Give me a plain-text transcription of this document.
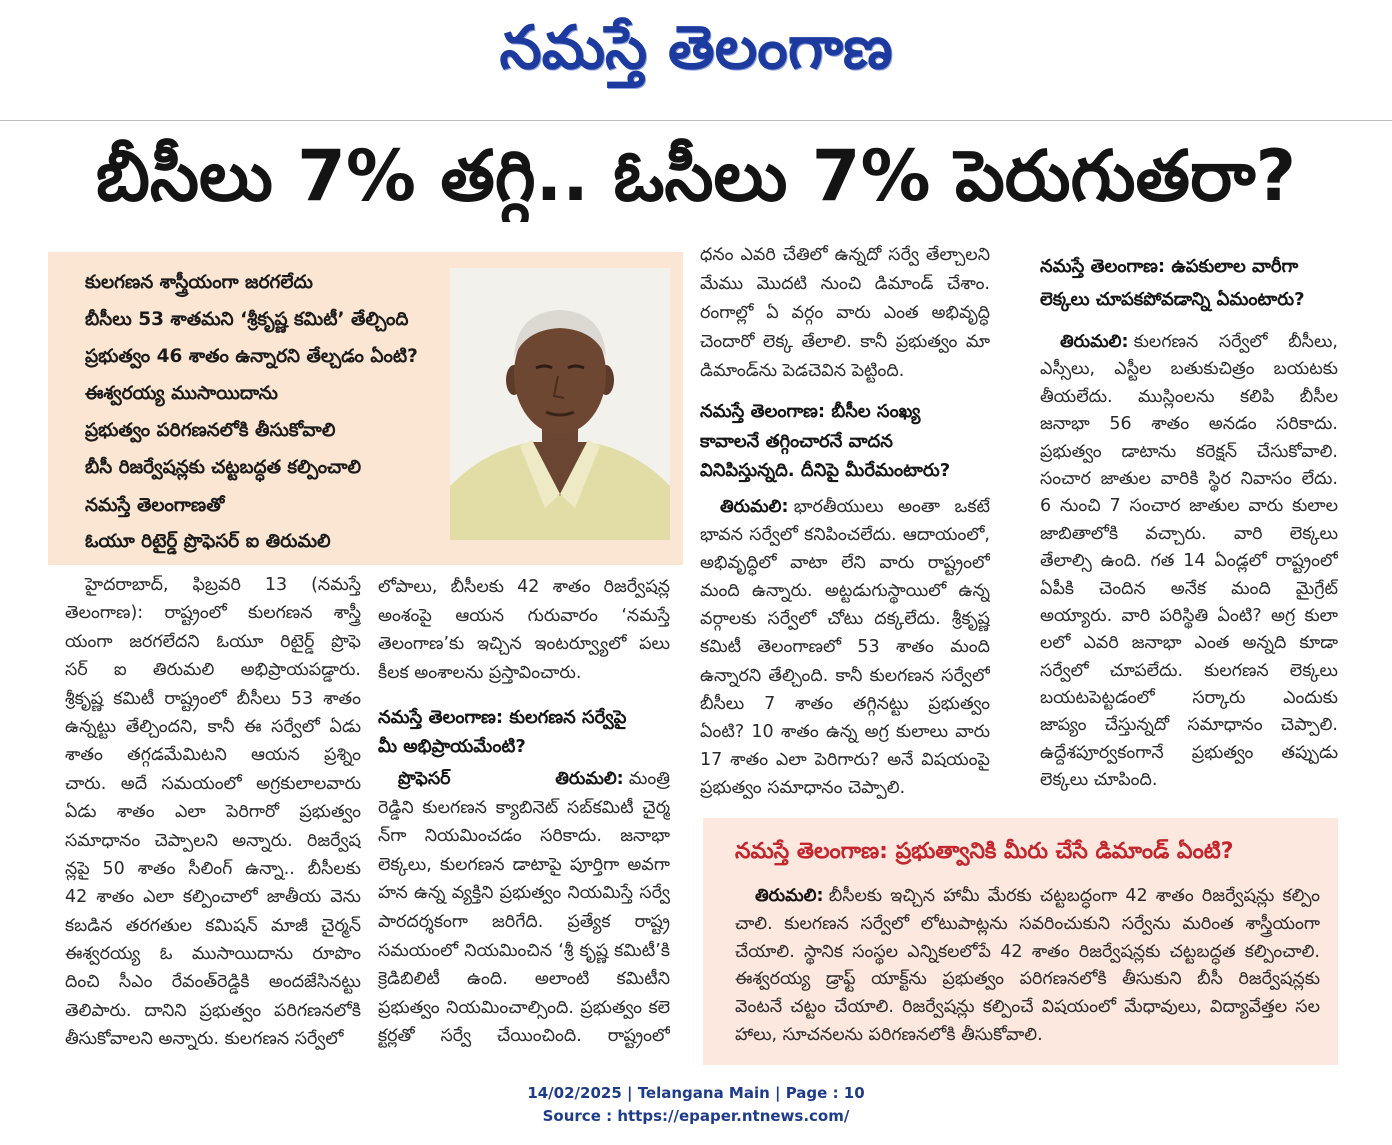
నమస్తే తెలంగాణ
బీసీలు 7% తగ్గి.. ఓసీలు 7% పెరుగుతరా?
కులగణన శాస్త్రీయంగా జరగలేదు
బీసీలు 53 శాతమని ‘శ్రీకృష్ణ కమిటీ’ తేల్చింది
ప్రభుత్వం 46 శాతం ఉన్నారని తేల్చడం ఏంటి?
ఈశ్వరయ్య ముసాయిదాను
ప్రభుత్వం పరిగణనలోకి తీసుకోవాలి
బీసీ రిజర్వేషన్లకు చట్టబద్ధత కల్పించాలి
నమస్తే తెలంగాణతో
ఓయూ రిటైర్డ్ ప్రొఫెసర్ ఐ తిరుమలి
హైదరాబాద్, ఫిబ్రవరి 13 (నమస్తే
తెలంగాణ): రాష్ట్రంలో కులగణన శాస్త్రీ
యంగా జరగలేదని ఓయూ రిటైర్డ్ ప్రొఫె
సర్ ఐ తిరుమలి అభిప్రాయపడ్డారు.
శ్రీకృష్ణ కమిటీ రాష్ట్రంలో బీసీలు 53 శాతం
ఉన్నట్టు తేల్చిందని, కానీ ఈ సర్వేలో ఏడు
శాతం తగ్గడమేమిటని ఆయన ప్రశ్నిం
చారు. అదే సమయంలో అగ్రకులాలవారు
ఏడు శాతం ఎలా పెరిగారో ప్రభుత్వం
సమాధానం చెప్పాలని అన్నారు. రిజర్వేష
న్లపై 50 శాతం సీలింగ్ ఉన్నా.. బీసీలకు
42 శాతం ఎలా కల్పించాలో జాతీయ వెను
కబడిన తరగతుల కమిషన్ మాజీ చైర్మన్
ఈశ్వరయ్య ఓ ముసాయిదాను రూపొం
దించి సీఎం రేవంత్‌రెడ్డికి అందజేసినట్టు
తెలిపారు. దానిని ప్రభుత్వం పరిగణనలోకి
తీసుకోవాలని అన్నారు. కులగణన సర్వేలో
లోపాలు, బీసీలకు 42 శాతం రిజర్వేషన్ల
అంశంపై ఆయన గురువారం ‘నమస్తే
తెలంగాణ’కు ఇచ్చిన ఇంటర్వ్యూలో పలు
కీలక అంశాలను ప్రస్తావించారు.
నమస్తే తెలంగాణ: కులగణన సర్వేపై
మీ అభిప్రాయమేంటి?
ప్రొఫెసర్ తిరుమలి: మంత్రి
రెడ్డిని కులగణన క్యాబినెట్ సబ్‌కమిటీ చైర్మ
న్‌గా నియమించడం సరికాదు. జనాభా
లెక్కలు, కులగణన డాటాపై పూర్తిగా అవగా
హన ఉన్న వ్యక్తిని ప్రభుత్వం నియమిస్తే సర్వే
పారదర్శకంగా జరిగేది. ప్రత్యేక రాష్ట్ర
సమయంలో నియమించిన ‘శ్రీ కృష్ణ కమిటీ’కి
క్రెడిబిలిటీ ఉంది. అలాంటి కమిటీని
ప్రభుత్వం నియమించాల్సింది. ప్రభుత్వం కలె
క్టర్లతో సర్వే చేయించింది. రాష్ట్రంలో
ధనం ఎవరి చేతిలో ఉన్నదో సర్వే తేల్చాలని
మేము మొదటి నుంచి డిమాండ్ చేశాం.
రంగాల్లో ఏ వర్గం వారు ఎంత అభివృద్ధి
చెందారో లెక్క తేలాలి. కానీ ప్రభుత్వం మా
డిమాండ్‌ను పెడచెవిన పెట్టింది.
నమస్తే తెలంగాణ: బీసీల సంఖ్య
కావాలనే తగ్గించారనే వాదన
వినిపిస్తున్నది. దీనిపై మీరేమంటారు?
తిరుమలి: భారతీయులు అంతా ఒకటే
భావన సర్వేలో కనిపించలేదు. ఆదాయంలో,
అభివృద్ధిలో వాటా లేని వారు రాష్ట్రంలో
మంది ఉన్నారు. అట్టడుగుస్థాయిలో ఉన్న
వర్గాలకు సర్వేలో చోటు దక్కలేదు. శ్రీకృష్ణ
కమిటీ తెలంగాణలో 53 శాతం మంది
ఉన్నారని తేల్చింది. కానీ కులగణన సర్వేలో
బీసీలు 7 శాతం తగ్గినట్టు ప్రభుత్వం
ఏంటి? 10 శాతం ఉన్న అగ్ర కులాలు వారు
17 శాతం ఎలా పెరిగారు? అనే విషయంపై
ప్రభుత్వం సమాధానం చెప్పాలి.
నమస్తే తెలంగాణ: ఉపకులాల వారీగా
లెక్కలు చూపకపోవడాన్ని ఏమంటారు?
తిరుమలి: కులగణన సర్వేలో బీసీలు,
ఎస్సీలు, ఎస్టీల బతుకుచిత్రం బయటకు
తీయలేదు. ముస్లింలను కలిపి బీసీల
జనాభా 56 శాతం అనడం సరికాదు.
ప్రభుత్వం డాటాను కరెక్షన్ చేసుకోవాలి.
సంచార జాతుల వారికి స్థిర నివాసం లేదు.
6 నుంచి 7 సంచార జాతుల వారు కులాల
జాబితాలోకి వచ్చారు. వారి లెక్కలు
తేలాల్సి ఉంది. గత 14 ఏండ్లలో రాష్ట్రంలో
ఏపీకి చెందిన అనేక మంది మైగ్రేట్
అయ్యారు. వారి పరిస్థితి ఏంటి? అగ్ర కులా
లలో ఎవరి జనాభా ఎంత అన్నది కూడా
సర్వేలో చూపలేదు. కులగణన లెక్కలు
బయటపెట్టడంలో సర్కారు ఎందుకు
జాప్యం చేస్తున్నదో సమాధానం చెప్పాలి.
ఉద్దేశపూర్వకంగానే ప్రభుత్వం తప్పుడు
లెక్కలు చూపింది.
నమస్తే తెలంగాణ: ప్రభుత్వానికి మీరు చేసే డిమాండ్ ఏంటి?
తిరుమలి: బీసీలకు ఇచ్చిన హామీ మేరకు చట్టబద్ధంగా 42 శాతం రిజర్వేషన్లు కల్పిం
చాలి. కులగణన సర్వేలో లోటుపాట్లను సవరించుకుని సర్వేను మరింత శాస్త్రీయంగా
చేయాలి. స్థానిక సంస్థల ఎన్నికలలోపే 42 శాతం రిజర్వేషన్లకు చట్టబద్ధత కల్పించాలి.
ఈశ్వరయ్య డ్రాఫ్ట్ యాక్ట్‌ను ప్రభుత్వం పరిగణనలోకి తీసుకుని బీసీ రిజర్వేషన్లకు
వెంటనే చట్టం చేయాలి. రిజర్వేషన్లు కల్పించే విషయంలో మేధావులు, విద్యావేత్తల సల
హాలు, సూచనలను పరిగణనలోకి తీసుకోవాలి.
14/02/2025 | Telangana Main | Page : 10
Source : https://epaper.ntnews.com/
